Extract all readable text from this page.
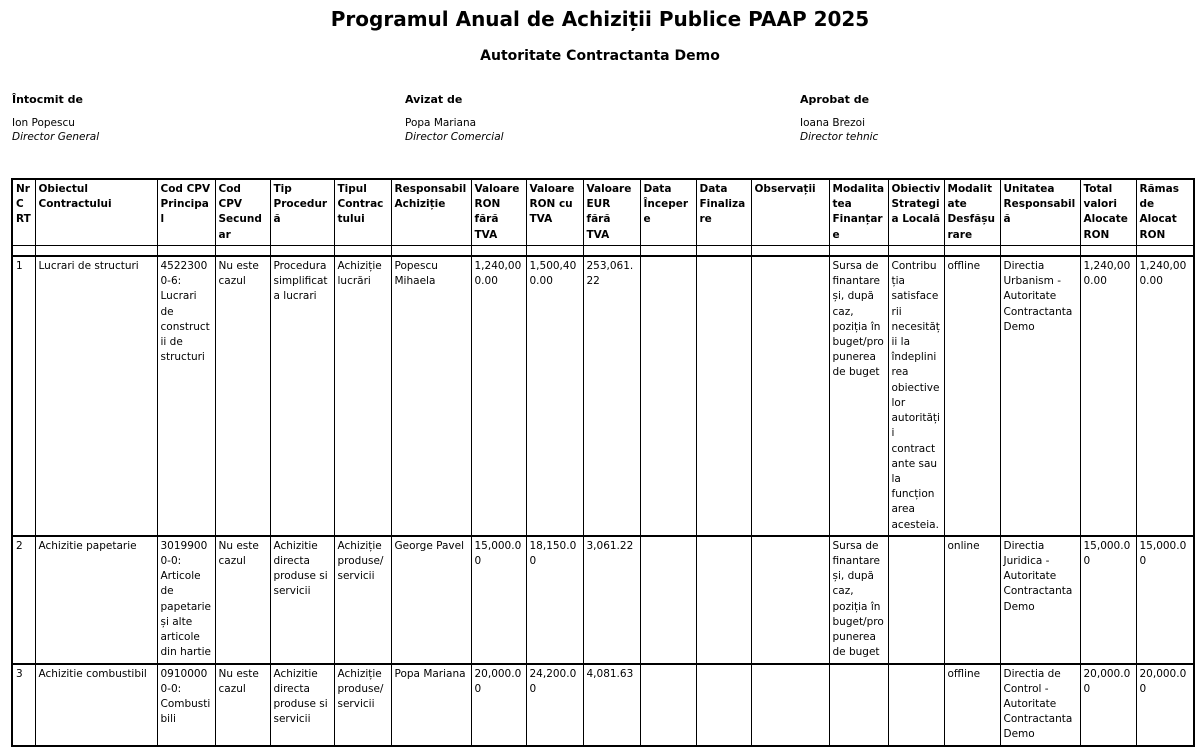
Programul Anual de Achiziții Publice PAAP 2025
Autoritate Contractanta Demo
Întocmit de
Ion Popescu
Director General
Avizat de
Popa Mariana
Director Comercial
Aprobat de
Ioana Brezoi
Director tehnic
Nr CRT	Obiectul Contractului	Cod CPV Principal	Cod CPV Secundar	Tip Procedură	Tipul Contractului	Responsabil Achiziție	Valoare RON fără TVA	Valoare RON cu TVA	Valoare EUR fără TVA	Data Începere	Data Finalizare	Observații	Modalitatea Finanțare	Obiectiv Strategia Locală	Modalitate Desfășurare	Unitatea Responsabilă	Total valori Alocate RON	Rămas de Alocat RON

1	Lucrari de structuri	45223000-6: Lucrari de constructii de structuri	Nu este cazul	Procedura simplificata lucrari	Achiziție lucrări	Popescu Mihaela	1,240,000.00	1,500,400.00	253,061.22				Sursa de finantare și, după caz, poziția în buget/propunerea de buget	Contribuția satisfacerii necesității la îndeplinirea obiectivelor autorității contractante sau la funcționarea acesteia.	offline	Directia Urbanism - Autoritate Contractanta Demo	1,240,000.00	1,240,000.00
2	Achizitie papetarie	30199000-0: Articole de papetarie și alte articole din hartie	Nu este cazul	Achizitie directa produse si servicii	Achiziție produse/servicii	George Pavel	15,000.00	18,150.00	3,061.22				Sursa de finantare și, după caz, poziția în buget/propunerea de buget		online	Directia Juridica - Autoritate Contractanta Demo	15,000.00	15,000.00
3	Achizitie combustibil	09100000-0: Combustibili	Nu este cazul	Achizitie directa produse si servicii	Achiziție produse/servicii	Popa Mariana	20,000.00	24,200.00	4,081.63						offline	Directia de Control - Autoritate Contractanta Demo	20,000.00	20,000.00
